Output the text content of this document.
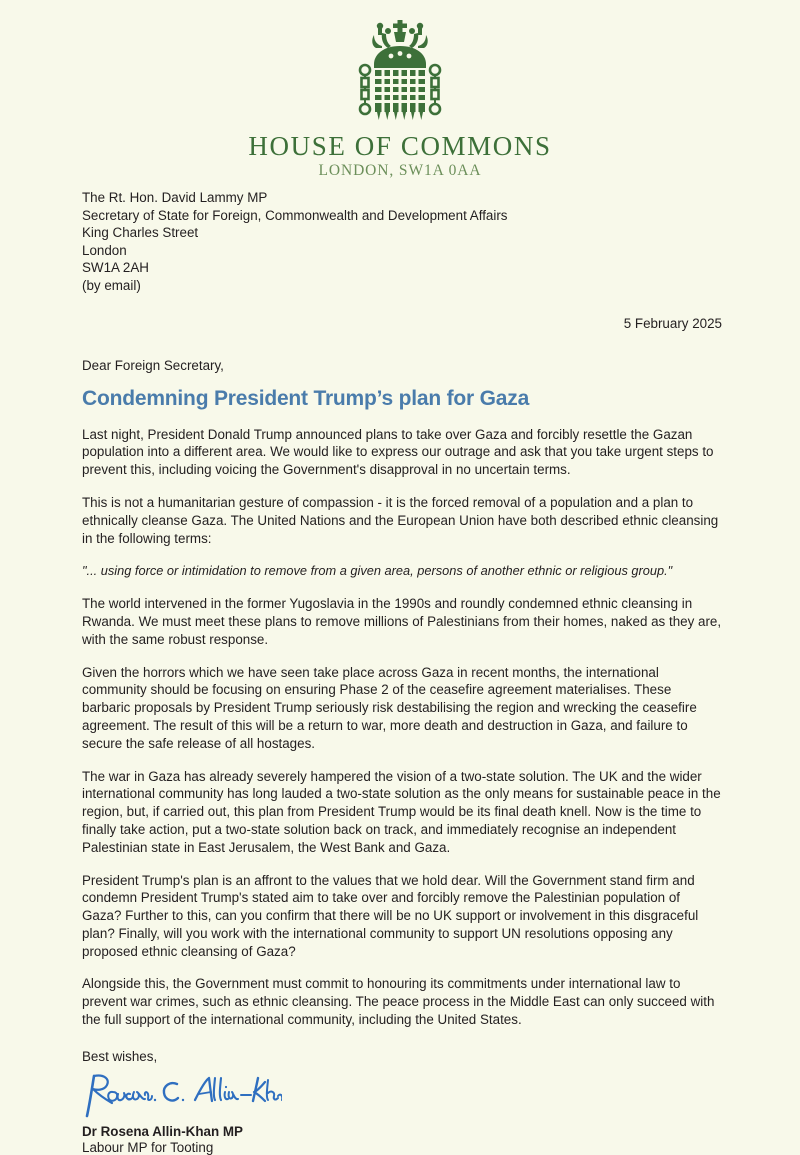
HOUSE OF COMMONS
LONDON, SW1A 0AA
The Rt. Hon. David Lammy MP
Secretary of State for Foreign, Commonwealth and Development Affairs
King Charles Street
London
SW1A 2AH
(by email)
5 February 2025
Dear Foreign Secretary,
Condemning President Trump’s plan for Gaza

Last night, President Donald Trump announced plans to take over Gaza and forcibly resettle the Gazan population into a different area. We would like to express our outrage and ask that you take urgent steps to prevent this, including voicing the Government's disapproval in no uncertain terms.

This is not a humanitarian gesture of compassion - it is the forced removal of a population and a plan to ethnically cleanse Gaza. The United Nations and the European Union have both described ethnic cleansing in the following terms:

"... using force or intimidation to remove from a given area, persons of another ethnic or religious group."

The world intervened in the former Yugoslavia in the 1990s and roundly condemned ethnic cleansing in Rwanda. We must meet these plans to remove millions of Palestinians from their homes, naked as they are, with the same robust response.

Given the horrors which we have seen take place across Gaza in recent months, the international community should be focusing on ensuring Phase 2 of the ceasefire agreement materialises. These barbaric proposals by President Trump seriously risk destabilising the region and wrecking the ceasefire agreement. The result of this will be a return to war, more death and destruction in Gaza, and failure to secure the safe release of all hostages.

The war in Gaza has already severely hampered the vision of a two-state solution. The UK and the wider international community has long lauded a two-state solution as the only means for sustainable peace in the region, but, if carried out, this plan from President Trump would be its final death knell. Now is the time to finally take action, put a two-state solution back on track, and immediately recognise an independent Palestinian state in East Jerusalem, the West Bank and Gaza.

President Trump's plan is an affront to the values that we hold dear. Will the Government stand firm and condemn President Trump's stated aim to take over and forcibly remove the Palestinian population of Gaza? Further to this, can you confirm that there will be no UK support or involvement in this disgraceful plan? Finally, will you work with the international community to support UN resolutions opposing any proposed ethnic cleansing of Gaza?

Alongside this, the Government must commit to honouring its commitments under international law to prevent war crimes, such as ethnic cleansing. The peace process in the Middle East can only succeed with the full support of the international community, including the United States.

Best wishes,
Dr Rosena Allin-Khan MP
Labour MP for Tooting
